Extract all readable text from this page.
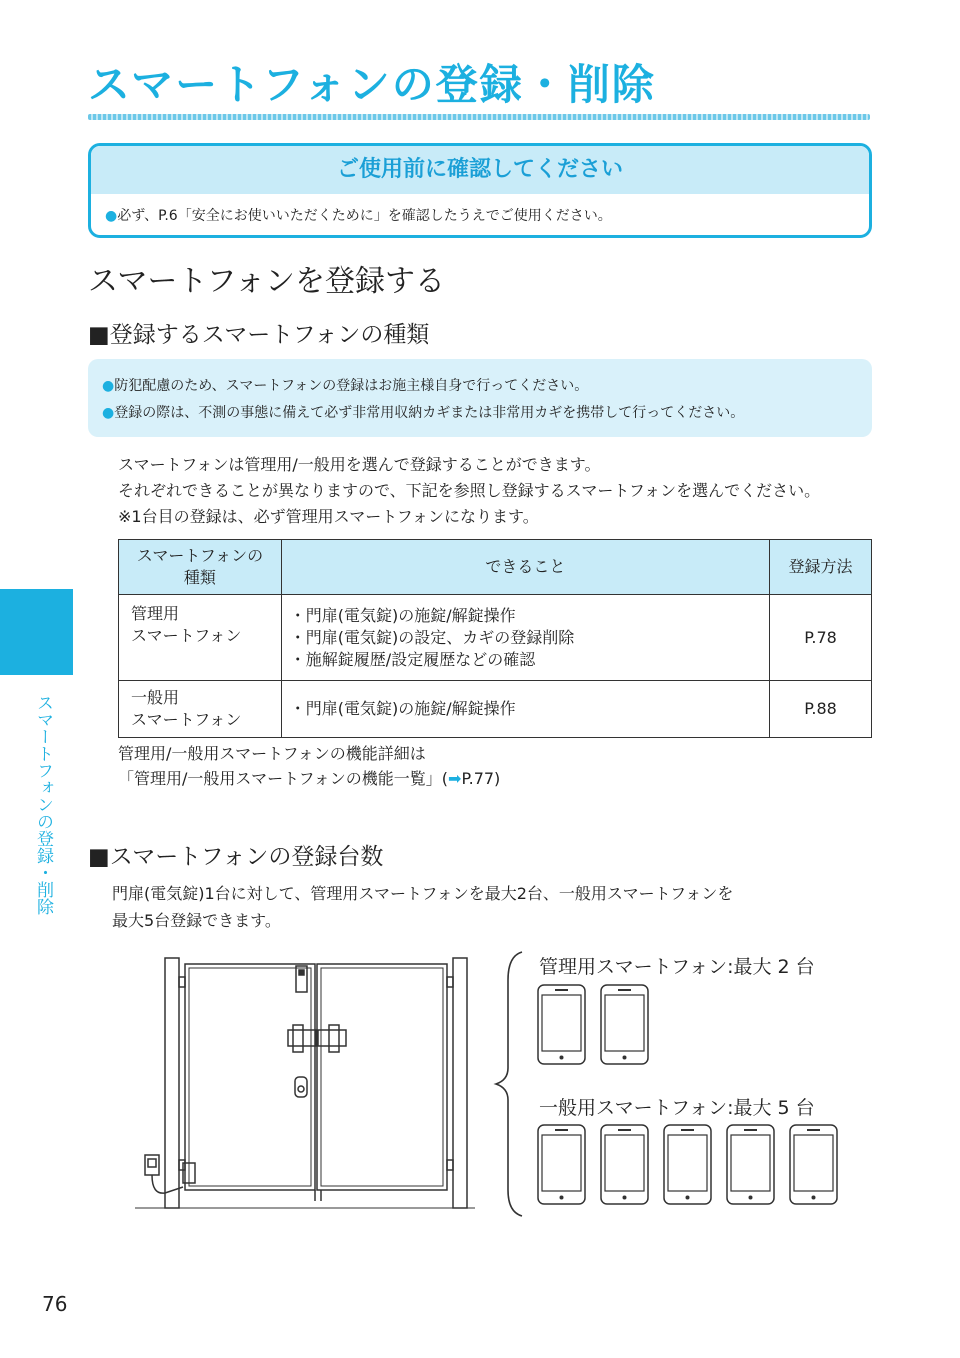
スマートフォンの登録・削除
ご使用前に確認してください
●必ず、P.6「安全にお使いいただくために」を確認したうえでご使用ください。
スマートフォンを登録する
■登録するスマートフォンの種類
●防犯配慮のため、スマートフォンの登録はお施主様自身で行ってください。
●登録の際は、不測の事態に備えて必ず非常用収納カギまたは非常用カギを携帯して行ってください。
スマートフォンは管理用/一般用を選んで登録することができます。
それぞれできることが異なりますので、下記を参照し登録するスマートフォンを選んでください。
※1台目の登録は、必ず管理用スマートフォンになります。
スマートフォンの
種類	できること	登録方法
管理用
スマートフォン	・門扉(電気錠)の施錠/解錠操作
・門扉(電気錠)の設定、カギの登録削除
・施解錠履歴/設定履歴などの確認	P.78
一般用
スマートフォン	・門扉(電気錠)の施錠/解錠操作	P.88
管理用/一般用スマートフォンの機能詳細は
「管理用/一般用スマートフォンの機能一覧」(➡P.77)
■スマートフォンの登録台数
門扉(電気錠)1台に対して、管理用スマートフォンを最大2台、一般用スマートフォンを
最大5台登録できます。
管理用スマートフォン:最大 2 台
一般用スマートフォン:最大 5 台
スマートフォンの登録・削除
76
